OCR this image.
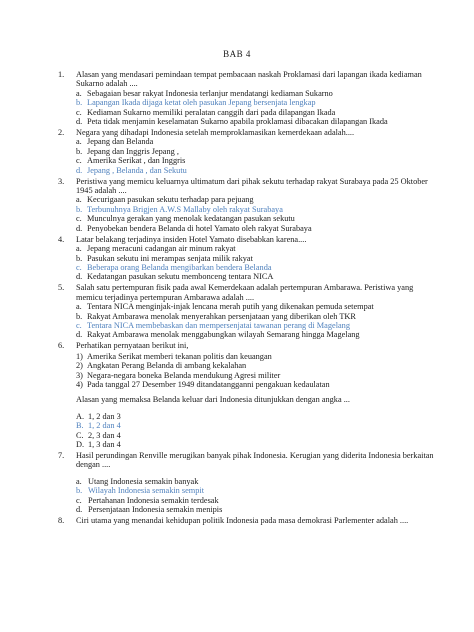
BAB 4
1. Alasan yang mendasari pemindaan tempat pembacaan naskah Proklamasi dari lapangan ikada kediaman Sukarno adalah ....
a. Sebagaian besar rakyat Indonesia terlanjur mendatangi kediaman Sukarno
b. Lapangan Ikada dijaga ketat oleh pasukan Jepang bersenjata lengkap
c. Kediaman Sukarno memiliki peralatan canggih dari pada dilapangan Ikada
d. Peta tidak menjamin keselamatan Sukarno apabila proklamasi dibacakan dilapangan Ikada
2. Negara yang dihadapi Indonesia setelah memproklamasikan kemerdekaan adalah....
a. Jepang dan Belanda
b. Jepang dan Inggris Jepang ,
c. Amerika Serikat , dan Inggris
d. Jepang , Belanda , dan Sekutu
3. Peristiwa yang memicu keluarnya ultimatum dari pihak sekutu terhadap rakyat Surabaya pada 25 Oktober 1945 adalah ....
a. Kecurigaan pasukan sekutu terhadap para pejuang
b. Terbunuhnya Brigjen A.W.S Mallaby oleh rakyat Surabaya
c. Munculnya gerakan yang menolak kedatangan pasukan sekutu
d. Penyobekan bendera Belanda di hotel Yamato oleh rakyat Surabaya
4. Latar belakang terjadinya insiden Hotel Yamato disebabkan karena....
a. Jepang meracuni cadangan air minum rakyat
b. Pasukan sekutu ini merampas senjata milik rakyat
c. Beberapa orang Belanda mengibarkan bendera Belanda
d. Kedatangan pasukan sekutu membonceng tentara NICA
5. Salah satu pertempuran fisik pada awal Kemerdekaan adalah pertempuran Ambarawa. Peristiwa yang memicu terjadinya pertempuran Ambarawa adalah ....
a. Tentara NICA menginjak-injak lencana merah putih yang dikenakan pemuda setempat
b. Rakyat Ambarawa menolak menyerahkan persenjataan yang diberikan oleh TKR
c. Tentara NICA membebaskan dan mempersenjatai tawanan perang di Magelang
d. Rakyat Ambarawa menolak menggabungkan wilayah Semarang hingga Magelang
6. Perhatikan pernyataan berikut ini,
1) Amerika Serikat memberi tekanan politis dan keuangan
2) Angkatan Perang Belanda di ambang kekalahan
3) Negara-negara boneka Belanda mendukung Agresi militer
4) Pada tanggal 27 Desember 1949 ditandatangganni pengakuan kedaulatan
Alasan yang memaksa Belanda keluar dari Indonesia ditunjukkan dengan angka ...
A. 1, 2 dan 3
B. 1, 2 dan 4
C. 2, 3 dan 4
D. 1, 3 dan 4
7. Hasil perundingan Renville merugikan banyak pihak Indonesia. Kerugian yang diderita Indonesia berkaitan dengan ....
a. Utang Indonesia semakin banyak
b. Wilayah Indonesia semakin sempit
c. Pertahanan Indonesia semakin terdesak
d. Persenjataan Indonesia semakin menipis
8. Ciri utama yang menandai kehidupan politik Indonesia pada masa demokrasi Parlementer adalah ....
